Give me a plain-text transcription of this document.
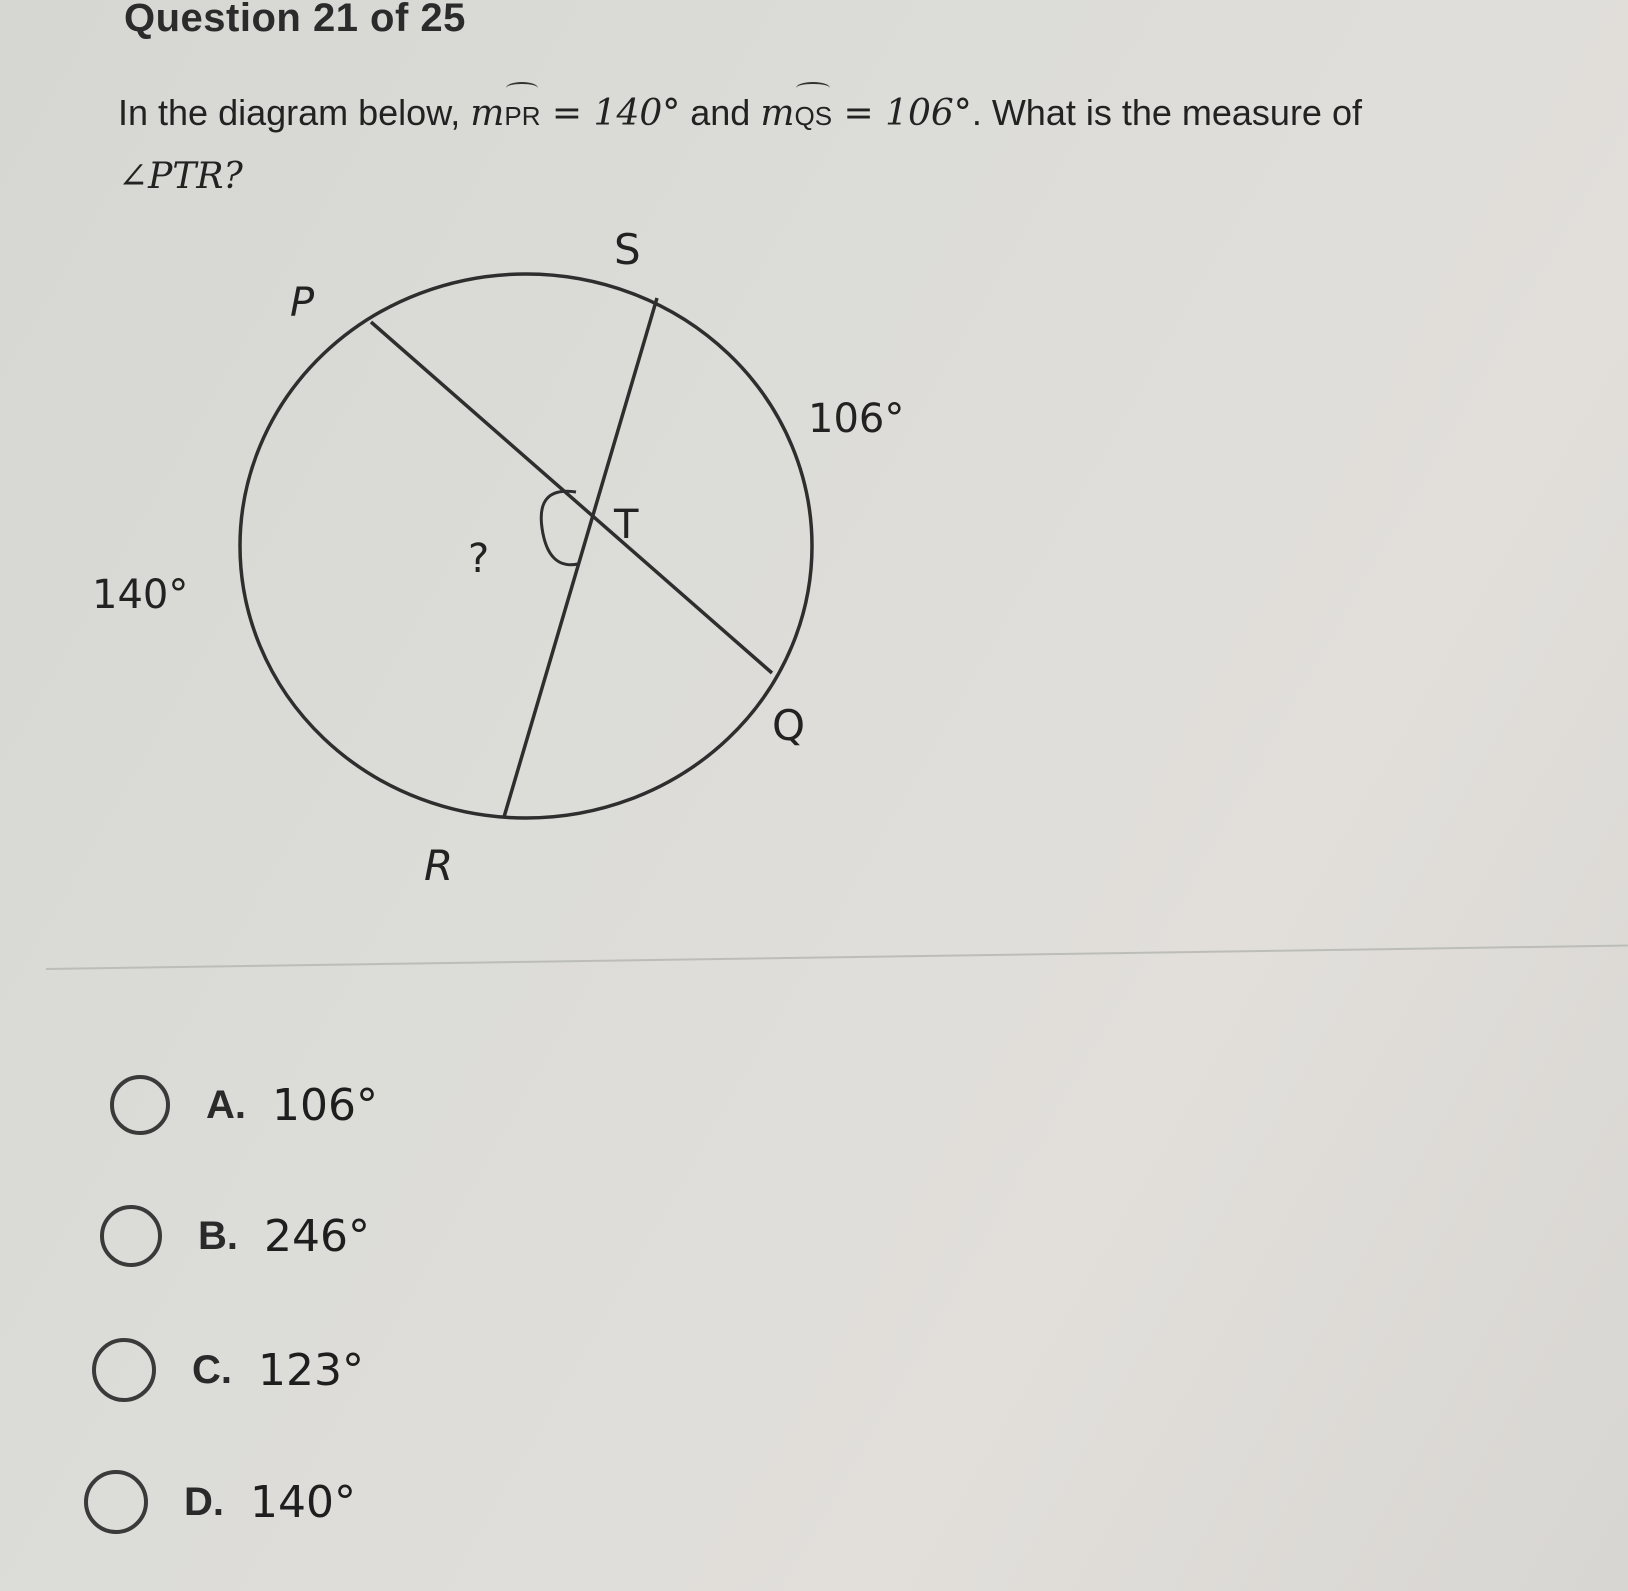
Question 21 of 25
In the diagram below, mPR = 140° and mQS = 106°. What is the measure of
∠PTR?
S
P
T
Q
R
?
140°
106°
A. 106°
B. 246°
C. 123°
D. 140°
